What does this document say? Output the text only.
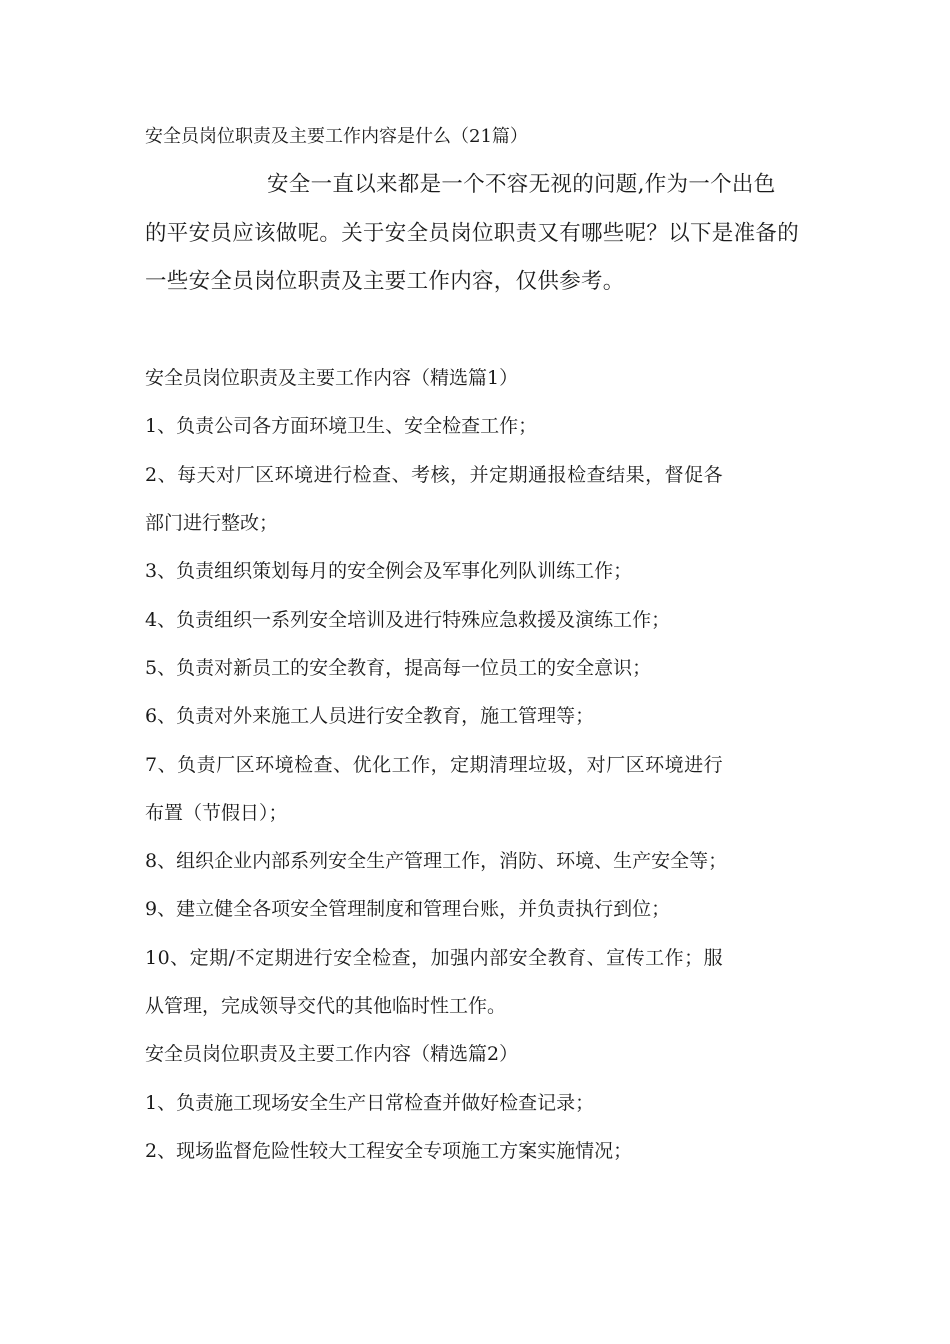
安全员岗位职责及主要工作内容是什么（21篇）

安全一直以来都是一个不容无视的问题,作为一个出色

的平安员应该做呢。关于安全员岗位职责又有哪些呢？以下是准备的

一些安全员岗位职责及主要工作内容，仅供参考。

安全员岗位职责及主要工作内容（精选篇1）

1、负责公司各方面环境卫生、安全检查工作；

2、每天对厂区环境进行检查、考核，并定期通报检查结果，督促各

部门进行整改；

3、负责组织策划每月的安全例会及军事化列队训练工作；

4、负责组织一系列安全培训及进行特殊应急救援及演练工作；

5、负责对新员工的安全教育，提高每一位员工的安全意识；

6、负责对外来施工人员进行安全教育，施工管理等；

7、负责厂区环境检查、优化工作，定期清理垃圾，对厂区环境进行

布置（节假日）；

8、组织企业内部系列安全生产管理工作，消防、环境、生产安全等；

9、建立健全各项安全管理制度和管理台账，并负责执行到位；

10、定期/不定期进行安全检查，加强内部安全教育、宣传工作；服

从管理，完成领导交代的其他临时性工作。

安全员岗位职责及主要工作内容（精选篇2）

1、负责施工现场安全生产日常检查并做好检查记录；

2、现场监督危险性较大工程安全专项施工方案实施情况；
